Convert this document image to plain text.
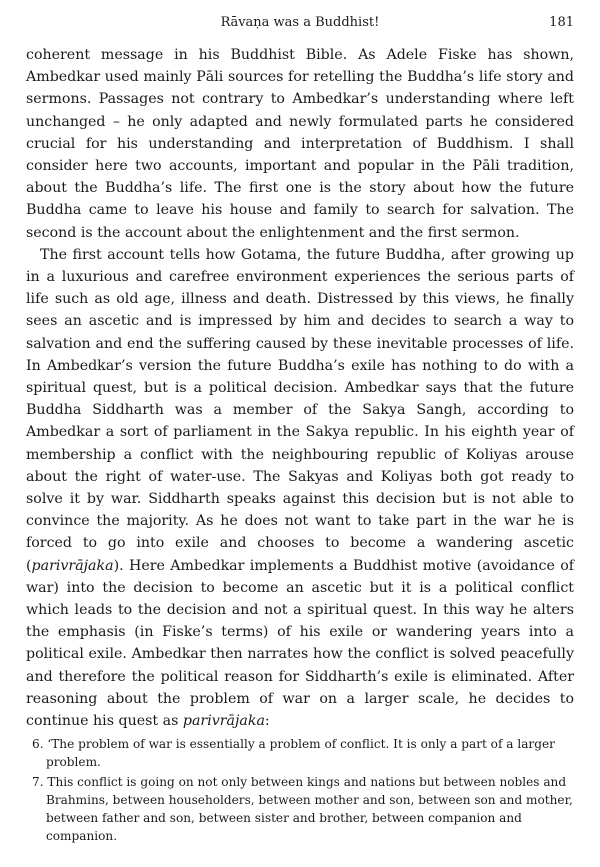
Rāvaṇa was a Buddhist!	181

coherent message in his Buddhist Bible. As Adele Fiske has shown, Ambedkar used mainly Pāli sources for retelling the Buddha’s life story and sermons. Passages not contrary to Ambedkar’s understanding where left unchanged – he only adapted and newly formulated parts he considered crucial for his understanding and interpretation of Buddhism. I shall consider here two accounts, important and popular in the Pāli tradition, about the Buddha’s life. The first one is the story about how the future Buddha came to leave his house and family to search for salvation. The second is the account about the enlightenment and the first sermon.

The first account tells how Gotama, the future Buddha, after growing up in a luxurious and carefree environment experiences the serious parts of life such as old age, illness and death. Distressed by this views, he finally sees an ascetic and is impressed by him and decides to search a way to salvation and end the suffering caused by these inevitable processes of life. In Ambedkar’s version the future Buddha’s exile has nothing to do with a spiritual quest, but is a political decision. Ambedkar says that the future Buddha Siddharth was a member of the Sakya Sangh, according to Ambedkar a sort of parliament in the Sakya republic. In his eighth year of membership a conflict with the neighbouring republic of Koliyas arouse about the right of water-use. The Sakyas and Koliyas both got ready to solve it by war. Siddharth speaks against this decision but is not able to convince the majority. As he does not want to take part in the war he is forced to go into exile and chooses to become a wandering ascetic (parivrājaka). Here Ambedkar implements a Buddhist motive (avoidance of war) into the decision to become an ascetic but it is a political conflict which leads to the decision and not a spiritual quest. In this way he alters the emphasis (in Fiske’s terms) of his exile or wandering years into a political exile. Ambedkar then narrates how the conflict is solved peacefully and therefore the political reason for Siddharth’s exile is eliminated. After reasoning about the problem of war on a larger scale, he decides to continue his quest as parivrājaka:

6. ‘The problem of war is essentially a problem of conflict. It is only a part of a larger problem.
7. This conflict is going on not only between kings and nations but between nobles and Brahmins, between householders, between mother and son, between son and mother, between father and son, between sister and brother, between companion and companion.
